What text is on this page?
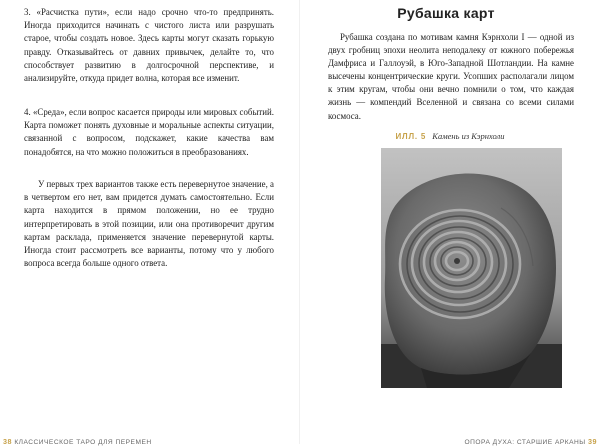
3. «Расчистка пути», если надо срочно что-то предпринять. Иногда приходится начинать с чистого листа или разрушать старое, чтобы создать новое. Здесь карты могут сказать горькую правду. Отказывайтесь от давних привычек, делайте то, что способствует развитию в долгосрочной перспективе, и анализируйте, откуда придет волна, которая все изменит.

4. «Среда», если вопрос касается природы или мировых событий. Карта поможет понять духовные и моральные аспекты ситуации, связанной с вопросом, подскажет, какие качества вам понадобятся, на что можно положиться в преобразованиях.

У первых трех вариантов также есть перевернутое значение, а в четвертом его нет, вам придется думать самостоятельно. Если карта находится в прямом положении, но ее трудно интерпретировать в этой позиции, или она противоречит другим картам расклада, применяется значение перевернутой карты. Иногда стоит рассмотреть все варианты, потому что у любого вопроса всегда больше одного ответа.

Рубашка карт

Рубашка создана по мотивам камня Кэрнхоли I — одной из двух гробниц эпохи неолита неподалеку от южного побережья Дамфриса и Галлоуэй, в Юго-Западной Шотландии. На камне высечены концентрические круги. Усопших располагали лицом к этим кругам, чтобы они вечно помнили о том, что каждая жизнь — компендий Вселенной и связана со всеми силами космоса.

ИЛЛ. 5 Камень из Кэрнхоли

38 КЛАССИЧЕСКОЕ ТАРО ДЛЯ ПЕРЕМЕН	ОПОРА ДУХА: СТАРШИЕ АРКАНЫ 39
